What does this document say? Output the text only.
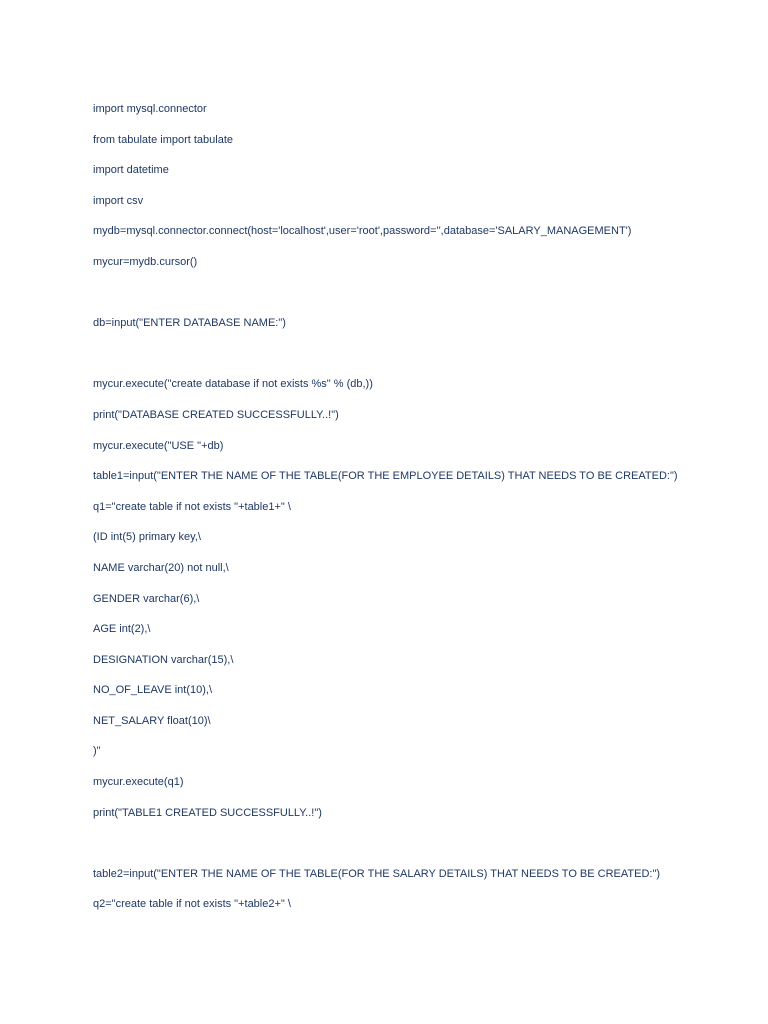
import mysql.connector
from tabulate import tabulate
import datetime
import csv
mydb=mysql.connector.connect(host='localhost',user='root',password='',database='SALARY_MANAGEMENT')
mycur=mydb.cursor()
db=input("ENTER DATABASE NAME:")
mycur.execute("create database if not exists %s" % (db,))
print("DATABASE CREATED SUCCESSFULLY..!")
mycur.execute("USE "+db)
table1=input("ENTER THE NAME OF THE TABLE(FOR THE EMPLOYEE DETAILS) THAT NEEDS TO BE CREATED:")
q1="create table if not exists "+table1+" \
(ID int(5) primary key,\
NAME varchar(20) not null,\
GENDER varchar(6),\
AGE int(2),\
DESIGNATION varchar(15),\
NO_OF_LEAVE int(10),\
NET_SALARY float(10)\
)"
mycur.execute(q1)
print("TABLE1 CREATED SUCCESSFULLY..!")
table2=input("ENTER THE NAME OF THE TABLE(FOR THE SALARY DETAILS) THAT NEEDS TO BE CREATED:")
q2="create table if not exists "+table2+" \
